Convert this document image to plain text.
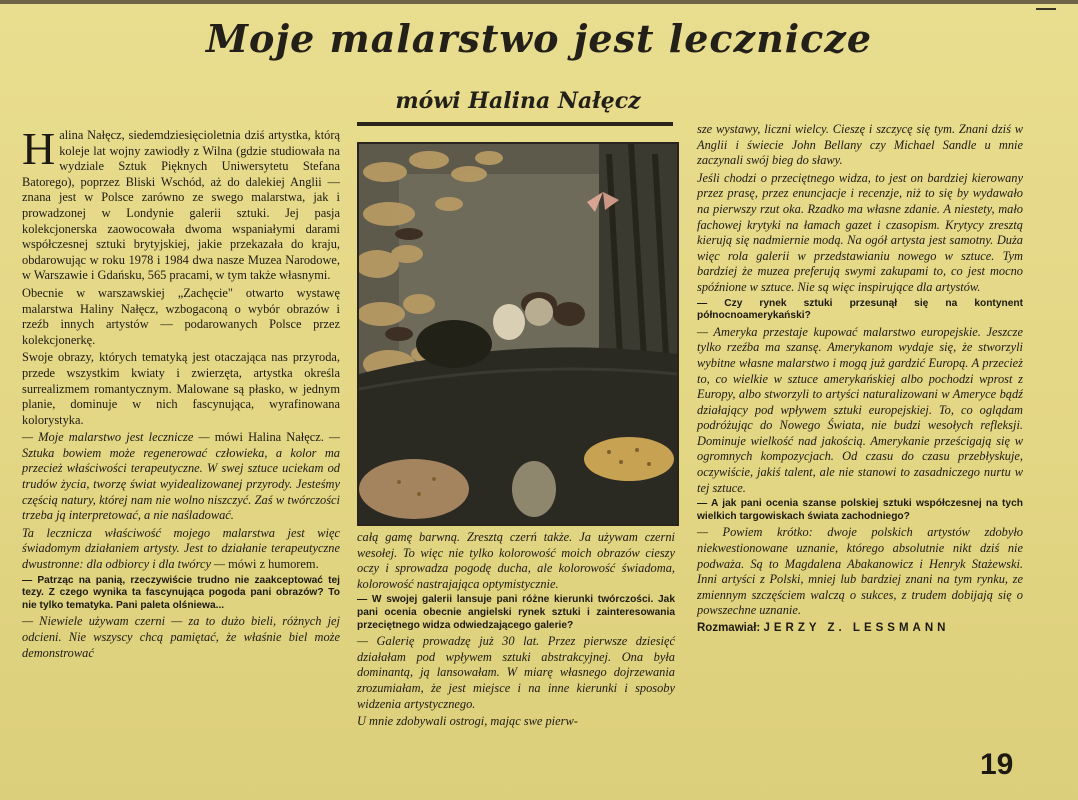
Moje malarstwo jest lecznicze
mówi Halina Nałęcz

Halina Nałęcz, siedemdziesięcioletnia dziś artystka, którą koleje lat wojny zawiodły z Wilna (gdzie studiowała na wydziale Sztuk Pięknych Uniwersytetu Stefana Batorego), poprzez Bliski Wschód, aż do dalekiej Anglii — znana jest w Polsce zarówno ze swego malarstwa, jak i prowadzonej w Londynie galerii sztuki. Jej pasja kolekcjonerska zaowocowała dwoma wspaniałymi darami współczesnej sztuki brytyjskiej, jakie przekazała do kraju, obdarowując w roku 1978 i 1984 dwa nasze Muzea Narodowe, w Warszawie i Gdańsku, 565 pracami, w tym także własnymi.

Obecnie w warszawskiej „Zachęcie" otwarto wystawę malarstwa Haliny Nałęcz, wzbogaconą o wybór obrazów i rzeźb innych artystów — podarowanych Polsce przez kolekcjonerkę.

Swoje obrazy, których tematyką jest otaczająca nas przyroda, przede wszystkim kwiaty i zwierzęta, artystka określa surrealizmem romantycznym. Malowane są płasko, w jednym planie, dominuje w nich fascynująca, wyrafinowana kolorystyka.

— Moje malarstwo jest lecznicze — mówi Halina Nałęcz. — Sztuka bowiem może regenerować człowieka, a kolor ma przecież właściwości terapeutyczne. W swej sztuce uciekam od trudów życia, tworzę świat wyidealizowanej przyrody. Jesteśmy częścią natury, której nam nie wolno niszczyć. Zaś w twórczości trzeba ją interpretować, a nie naśladować.

Ta lecznicza właściwość mojego malarstwa jest więc świadomym działaniem artysty. Jest to działanie terapeutyczne dwustronne: dla odbiorcy i dla twórcy — mówi z humorem.

— Patrząc na panią, rzeczywiście trudno nie zaakceptować tej tezy. Z czego wynika ta fascynująca pogoda pani obrazów? To nie tylko tematyka. Pani paleta olśniewa...

— Niewiele używam czerni — za to dużo bieli, różnych jej odcieni. Nie wszyscy chcą pamiętać, że właśnie biel może demonstrować

całą gamę barwną. Zresztą czerń także. Ja używam czerni wesołej. To więc nie tylko kolorowość moich obrazów cieszy oczy i sprowadza pogodę ducha, ale kolorowość świadoma, kolorowość nastrajająca optymistycznie.

— W swojej galerii lansuje pani różne kierunki twórczości. Jak pani ocenia obecnie angielski rynek sztuki i zainteresowania przeciętnego widza odwiedzającego galerie?

— Galerię prowadzę już 30 lat. Przez pierwsze dziesięć działałam pod wpływem sztuki abstrakcyjnej. Ona była dominantą, ją lansowałam. W miarę własnego dojrzewania zrozumiałam, że jest miejsce i na inne kierunki i sposoby widzenia artystycznego.

U mnie zdobywali ostrogi, mając swe pierw-

sze wystawy, liczni wielcy. Cieszę i szczycę się tym. Znani dziś w Anglii i świecie John Bellany czy Michael Sandle u mnie zaczynali swój bieg do sławy.

Jeśli chodzi o przeciętnego widza, to jest on bardziej kierowany przez prasę, przez enuncjacje i recenzje, niż to się by wydawało na pierwszy rzut oka. Rzadko ma własne zdanie. A niestety, mało fachowej krytyki na łamach gazet i czasopism. Krytycy zresztą kierują się nadmiernie modą. Na ogół artysta jest samotny. Duża więc rola galerii w przedstawianiu nowego w sztuce. Tym bardziej że muzea preferują swymi zakupami to, co jest mocno spóźnione w sztuce. Nie są więc inspirujące dla artystów.

— Czy rynek sztuki przesunął się na kontynent północnoamerykański?

— Ameryka przestaje kupować malarstwo europejskie. Jeszcze tylko rzeźba ma szansę. Amerykanom wydaje się, że stworzyli wybitne własne malarstwo i mogą już gardzić Europą. A przecież to, co wielkie w sztuce amerykańskiej albo pochodzi wprost z Europy, albo stworzyli to artyści naturalizowani w Ameryce bądź działający pod wpływem sztuki europejskiej. To, co oglądam podróżując do Nowego Świata, nie budzi wesołych refleksji. Dominuje wielkość nad jakością. Amerykanie prześcigają się w ogromnych kompozycjach. Od czasu do czasu przebłyskuje, oczywiście, jakiś talent, ale nie stanowi to zasadniczego nurtu w tej sztuce.

— A jak pani ocenia szanse polskiej sztuki współczesnej na tych wielkich targowiskach świata zachodniego?

— Powiem krótko: dwoje polskich artystów zdobyło niekwestionowane uznanie, którego absolutnie nikt dziś nie podważa. Są to Magdalena Abakanowicz i Henryk Stażewski. Inni artyści z Polski, mniej lub bardziej znani na tym rynku, ze zmiennym szczęściem walczą o sukces, z trudem dobijają się o powszechne uznanie.

Rozmawiał: JERZY Z. LESSMANN

19
